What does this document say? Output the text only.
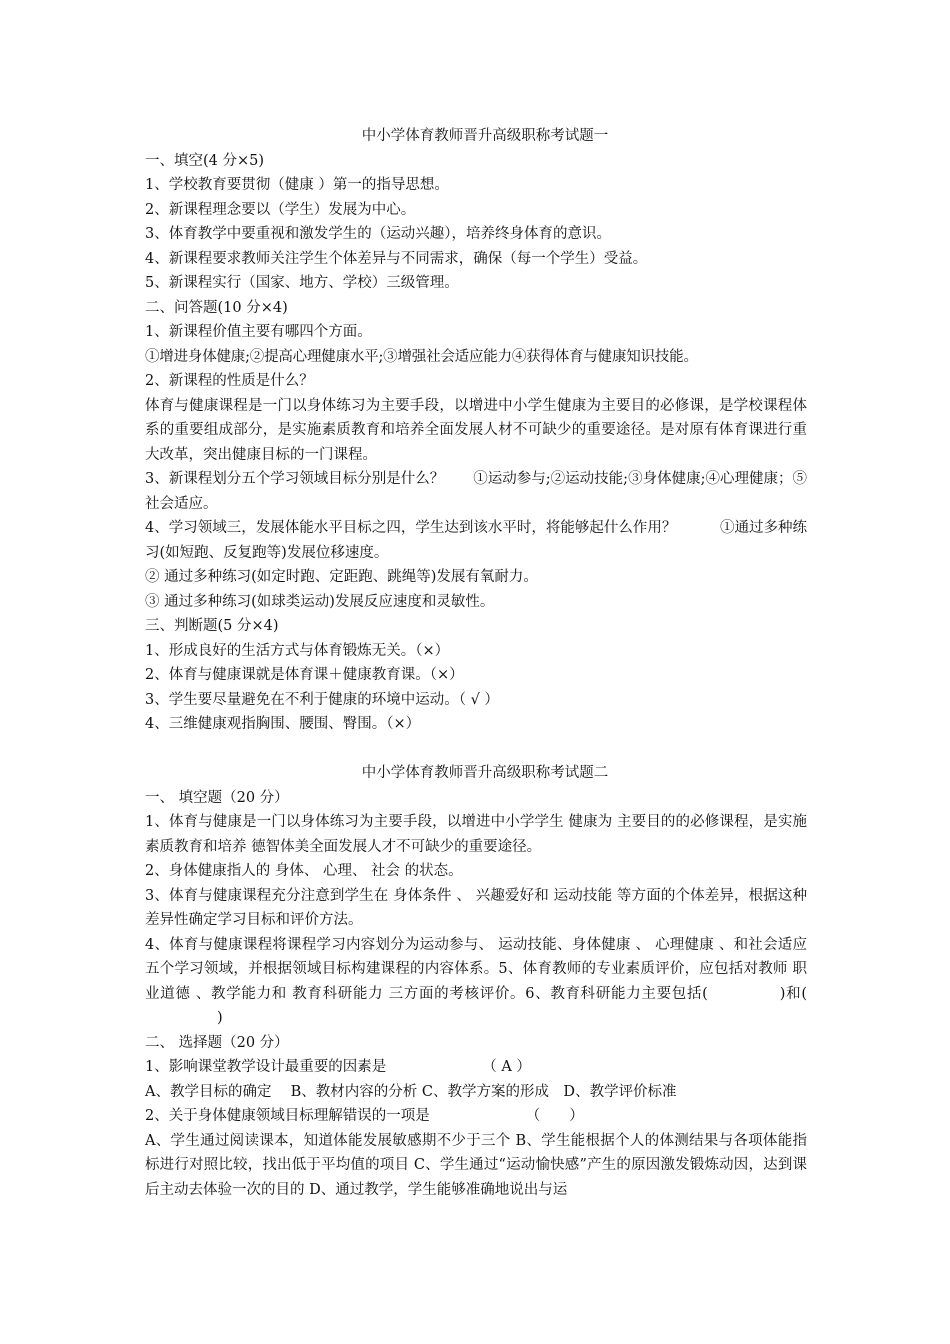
中小学体育教师晋升高级职称考试题一

一、填空(4 分×5)

1、学校教育要贯彻（健康 ）第一的指导思想。

2、新课程理念要以（学生）发展为中心。

3、体育教学中要重视和激发学生的（运动兴趣），培养终身体育的意识。

4、新课程要求教师关注学生个体差异与不同需求，确保（每一个学生）受益。

5、新课程实行（国家、地方、学校）三级管理。

二、问答题(10 分×4)

1、新课程价值主要有哪四个方面。

①增进身体健康;②提高心理健康水平;③增强社会适应能力④获得体育与健康知识技能。

2、新课程的性质是什么？

体育与健康课程是一门以身体练习为主要手段，以增进中小学生健康为主要目的必修课，是学校课程体系的重要组成部分，是实施素质教育和培养全面发展人材不可缺少的重要途径。是对原有体育课进行重大改革，突出健康目标的一门课程。

3、新课程划分五个学习领域目标分别是什么？　　①运动参与;②运动技能;③身体健康;④心理健康；⑤社会适应。

4、学习领域三，发展体能水平目标之四，学生达到该水平时，将能够起什么作用？　　　①通过多种练习(如短跑、反复跑等)发展位移速度。

② 通过多种练习(如定时跑、定距跑、跳绳等)发展有氧耐力。

③ 通过多种练习(如球类运动)发展反应速度和灵敏性。

三、判断题(5 分×4)

1、形成良好的生活方式与体育锻炼无关。（×）

2、体育与健康课就是体育课＋健康教育课。（×）

3、学生要尽量避免在不利于健康的环境中运动。（ √ ）

4、三维健康观指胸围、腰围、臀围。（×）

中小学体育教师晋升高级职称考试题二

一、 填空题（20 分）

1、体育与健康是一门以身体练习为主要手段，以增进中小学学生 健康为 主要目的的必修课程，是实施 素质教育和培养 德智体美全面发展人才不可缺少的重要途径。

2、身体健康指人的 身体、 心理、 社会 的状态。

3、体育与健康课程充分注意到学生在 身体条件 、 兴趣爱好和 运动技能 等方面的个体差异，根据这种差异性确定学习目标和评价方法。

4、体育与健康课程将课程学习内容划分为运动参与、 运动技能、身体健康 、 心理健康 、和社会适应五个学习领域，并根据领域目标构建课程的内容体系。5、体育教师的专业素质评价，应包括对教师 职业道德 、教学能力和 教育科研能力 三方面的考核评价。6、教育科研能力主要包括(	)和()

二、 选择题（20 分）

1、影响课堂教学设计最重要的因素是	（ A ）

A、教学目标的确定　 B、教材内容的分析 C、教学方案的形成　D、教学评价标准

2、关于身体健康领域目标理解错误的一项是	（　　）

A、学生通过阅读课本，知道体能发展敏感期不少于三个 B、学生能根据个人的体测结果与各项体能指标进行对照比较，找出低于平均值的项目 C、学生通过“运动愉快感”产生的原因激发锻炼动因，达到课后主动去体验一次的目的 D、通过教学，学生能够准确地说出与运
